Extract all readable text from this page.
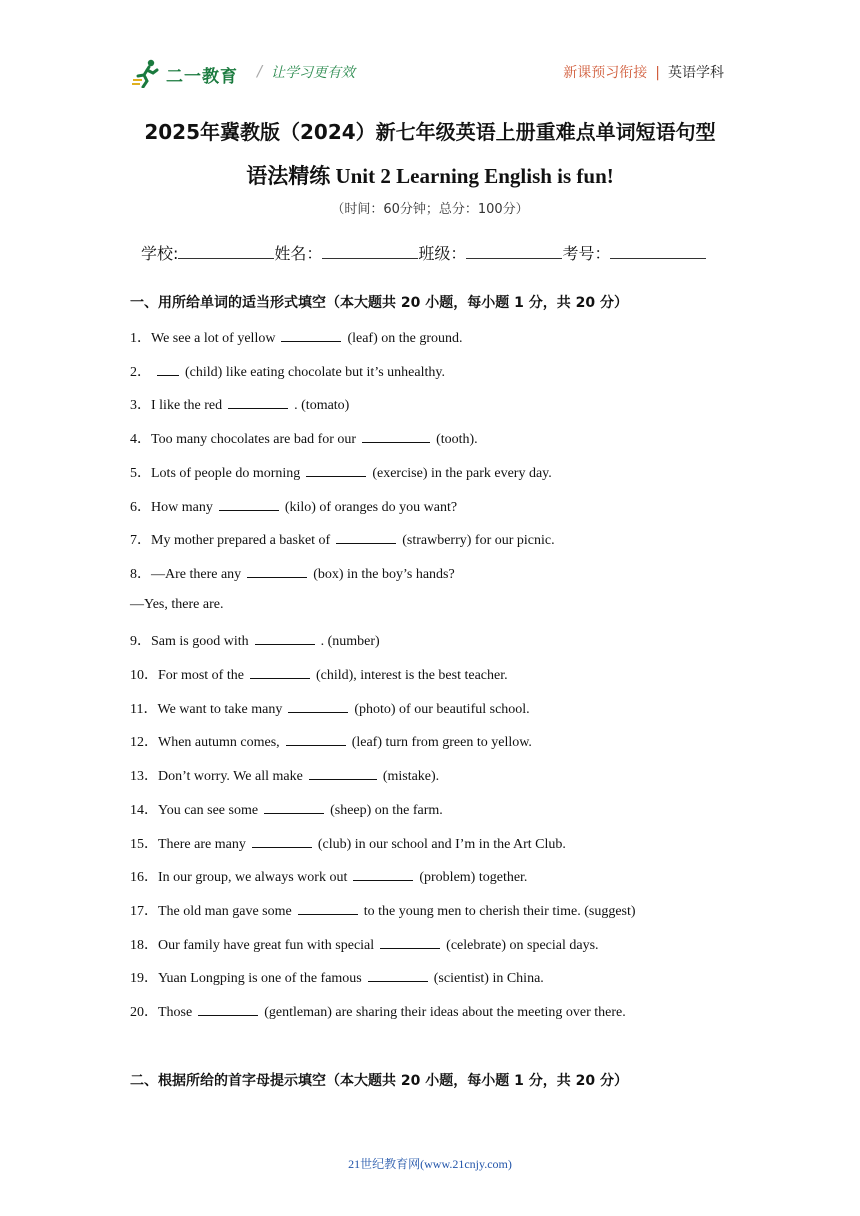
二一教育 / 让学习更有效	新课预习衔接 | 英语学科
2025年冀教版（2024）新七年级英语上册重难点单词短语句型
语法精练 Unit 2 Learning English is fun!
（时间：60分钟；总分：100分）
学校:	姓名：	班级：	考号：
一、用所给单词的适当形式填空（本大题共 20 小题，每小题 1 分，共 20 分）
1．We see a lot of yellow	(leaf) on the ground.
2． (child) like eating chocolate but it’s unhealthy.
3．I like the red	. (tomato)
4．Too many chocolates are bad for our	(tooth).
5．Lots of people do morning	(exercise) in the park every day.
6．How many	(kilo) of oranges do you want?
7．My mother prepared a basket of	(strawberry) for our picnic.
8．—Are there any	(box) in the boy’s hands?
—Yes, there are.
9．Sam is good with	. (number)
10．For most of the	(child), interest is the best teacher.
11．We want to take many	(photo) of our beautiful school.
12．When autumn comes,	(leaf) turn from green to yellow.
13．Don’t worry. We all make	(mistake).
14．You can see some	(sheep) on the farm.
15．There are many	(club) in our school and I’m in the Art Club.
16．In our group, we always work out	(problem) together.
17．The old man gave some	to the young men to cherish their time. (suggest)
18．Our family have great fun with special	(celebrate) on special days.
19．Yuan Longping is one of the famous	(scientist) in China.
20．Those	(gentleman) are sharing their ideas about the meeting over there.
二、根据所给的首字母提示填空（本大题共 20 小题，每小题 1 分，共 20 分）
21世纪教育网(www.21cnjy.com)
